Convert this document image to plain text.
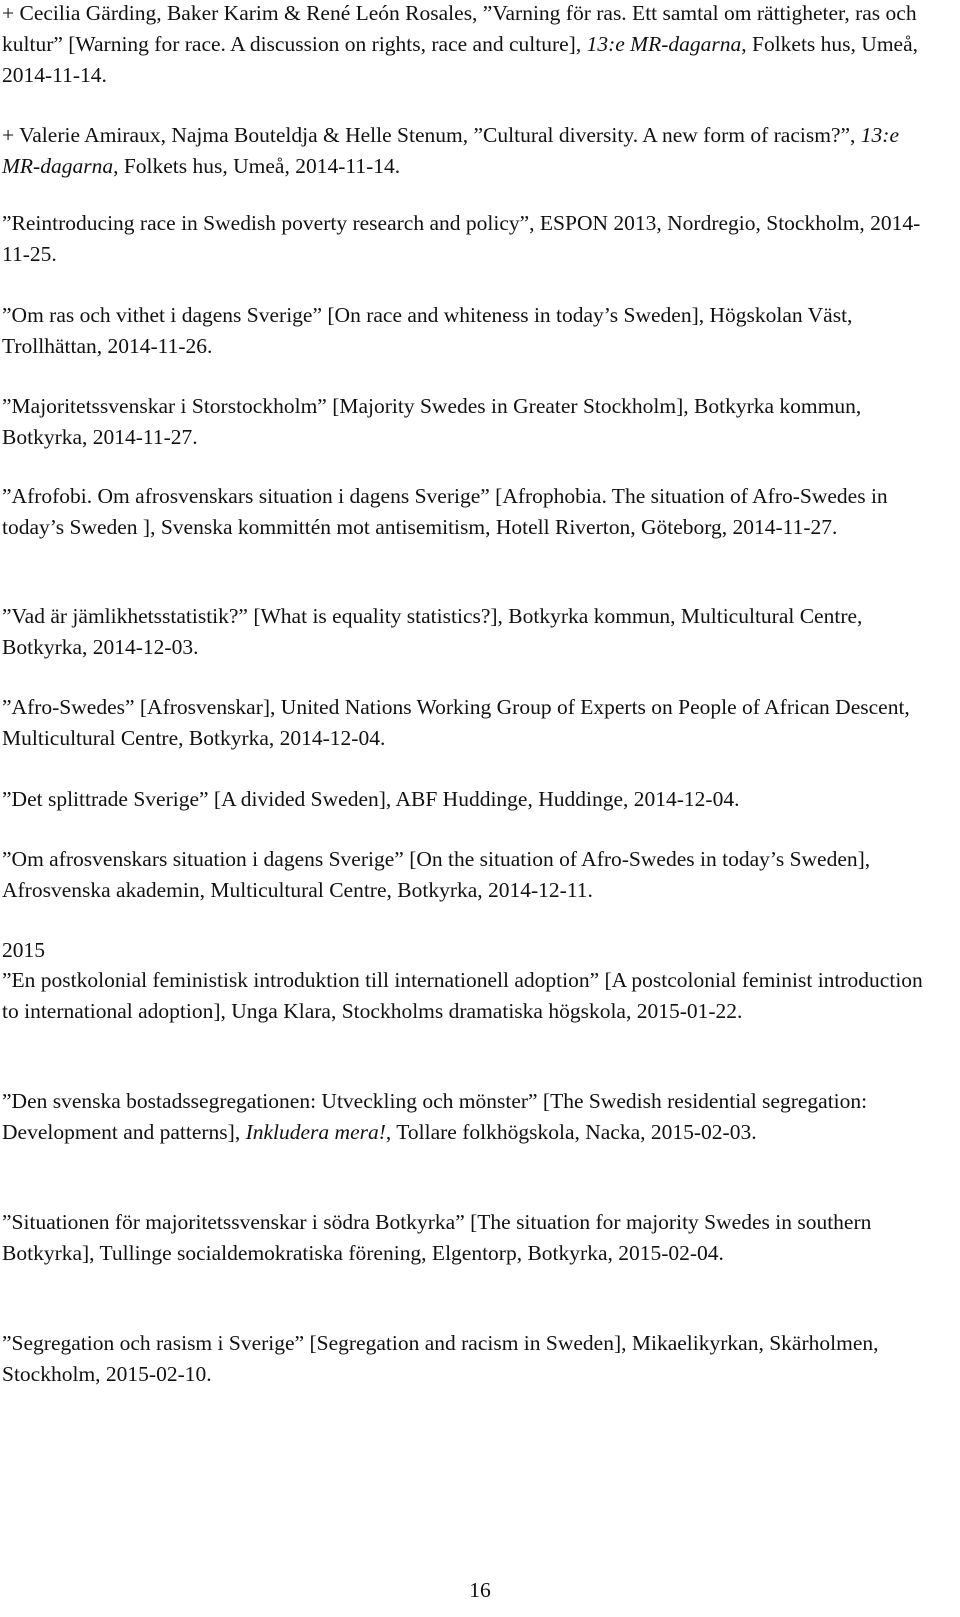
+ Cecilia Gärding, Baker Karim & René León Rosales, ”Varning för ras. Ett samtal om rättigheter, ras och kultur” [Warning for race. A discussion on rights, race and culture], 13:e MR-dagarna, Folkets hus, Umeå, 2014-11-14.

+ Valerie Amiraux, Najma Bouteldja & Helle Stenum, ”Cultural diversity. A new form of racism?”, 13:e MR-dagarna, Folkets hus, Umeå, 2014-11-14.

”Reintroducing race in Swedish poverty research and policy”, ESPON 2013, Nordregio, Stockholm, 2014-11-25.

”Om ras och vithet i dagens Sverige” [On race and whiteness in today’s Sweden], Högskolan Väst, Trollhättan, 2014-11-26.

”Majoritetssvenskar i Storstockholm” [Majority Swedes in Greater Stockholm], Botkyrka kommun, Botkyrka, 2014-11-27.

”Afrofobi. Om afrosvenskars situation i dagens Sverige” [Afrophobia. The situation of Afro-Swedes in today’s Sweden ], Svenska kommittén mot antisemitism, Hotell Riverton, Göteborg, 2014-11-27.

”Vad är jämlikhetsstatistik?” [What is equality statistics?], Botkyrka kommun, Multicultural Centre, Botkyrka, 2014-12-03.

”Afro-Swedes” [Afrosvenskar], United Nations Working Group of Experts on People of African Descent, Multicultural Centre, Botkyrka, 2014-12-04.

”Det splittrade Sverige” [A divided Sweden], ABF Huddinge, Huddinge, 2014-12-04.

”Om afrosvenskars situation i dagens Sverige” [On the situation of Afro-Swedes in today’s Sweden], Afrosvenska akademin, Multicultural Centre, Botkyrka, 2014-12-11.

2015

”En postkolonial feministisk introduktion till internationell adoption” [A postcolonial feminist introduction to international adoption], Unga Klara, Stockholms dramatiska högskola, 2015-01-22.

”Den svenska bostadssegregationen: Utveckling och mönster” [The Swedish residential segregation: Development and patterns], Inkludera mera!, Tollare folkhögskola, Nacka, 2015-02-03.

”Situationen för majoritetssvenskar i södra Botkyrka” [The situation for majority Swedes in southern Botkyrka], Tullinge socialdemokratiska förening, Elgentorp, Botkyrka, 2015-02-04.

”Segregation och rasism i Sverige” [Segregation and racism in Sweden], Mikaelikyrkan, Skärholmen, Stockholm, 2015-02-10.

16
